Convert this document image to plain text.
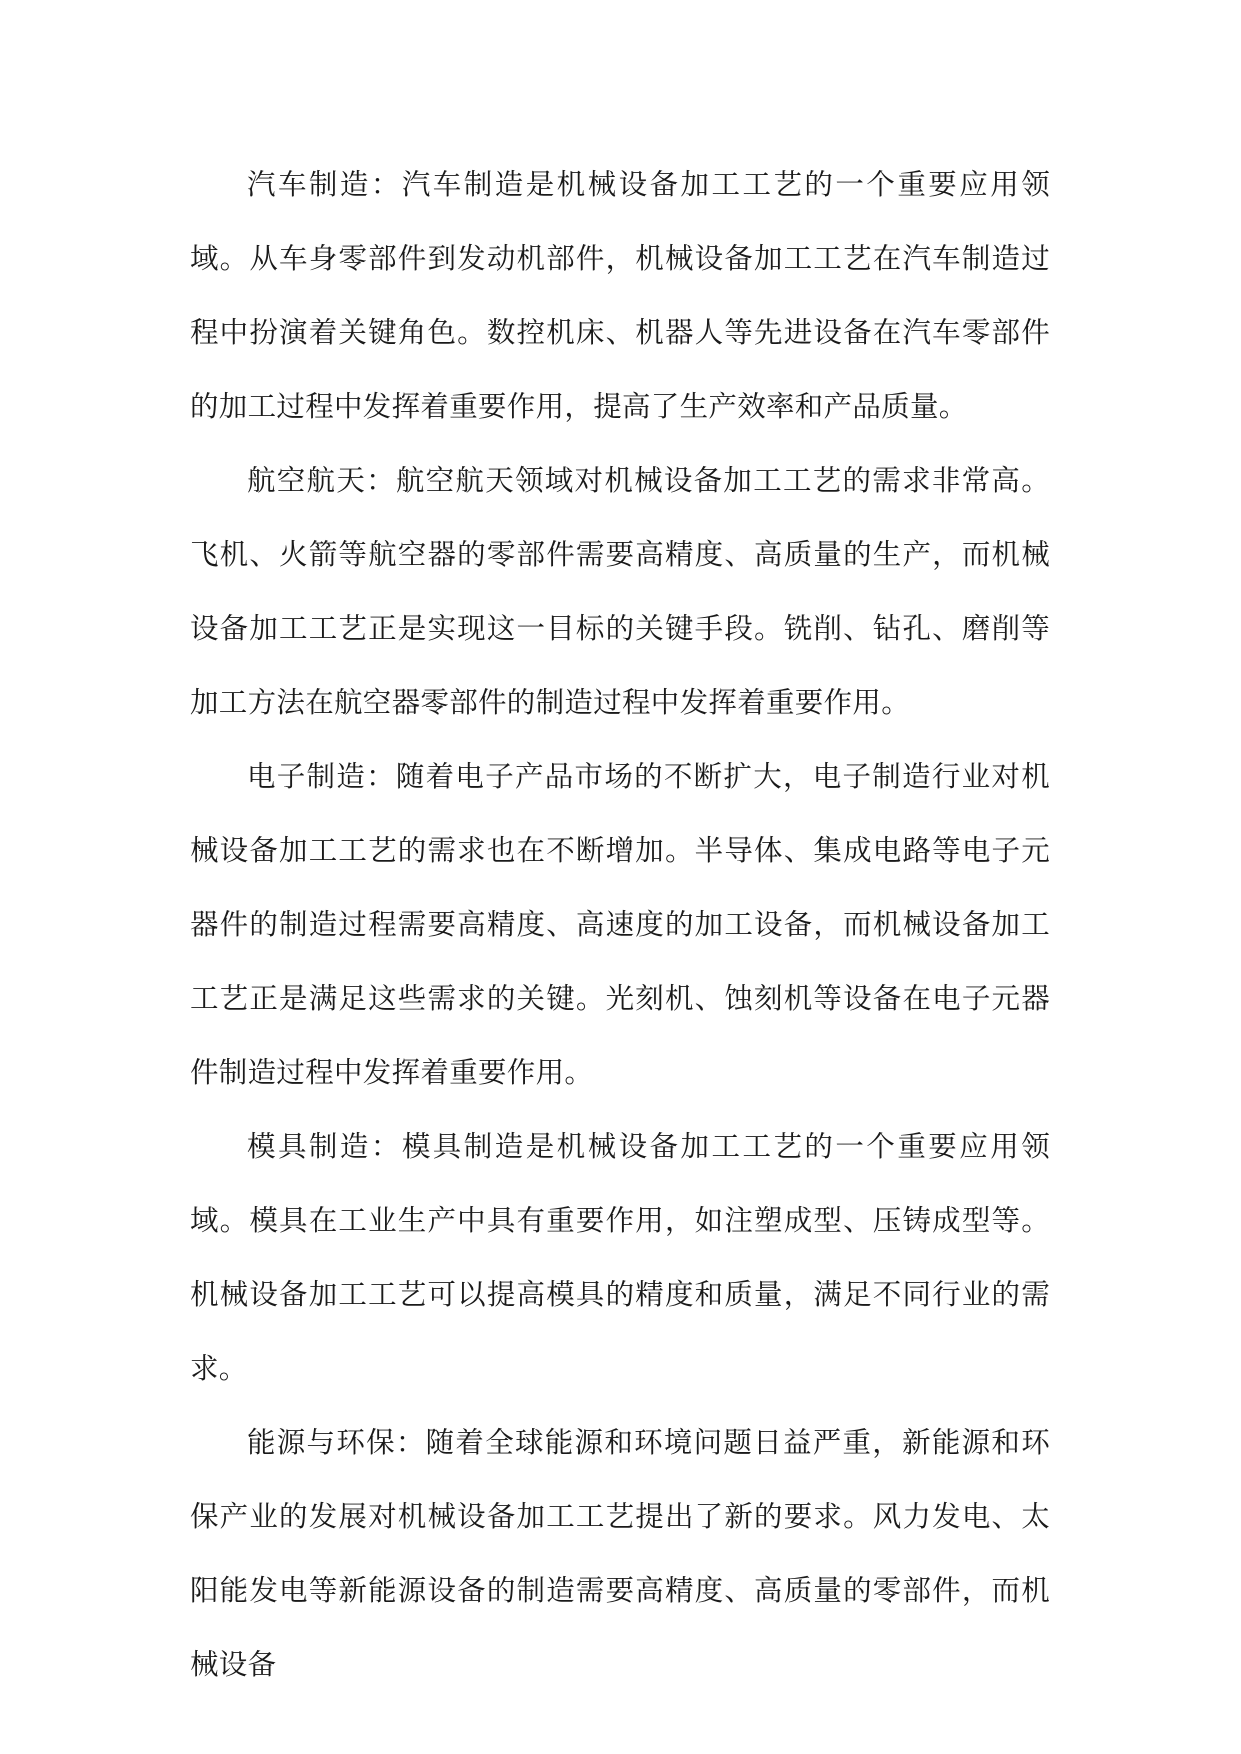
汽车制造：汽车制造是机械设备加工工艺的一个重要应用领域。从车身零部件到发动机部件，机械设备加工工艺在汽车制造过程中扮演着关键角色。数控机床、机器人等先进设备在汽车零部件的加工过程中发挥着重要作用，提高了生产效率和产品质量。

航空航天：航空航天领域对机械设备加工工艺的需求非常高。飞机、火箭等航空器的零部件需要高精度、高质量的生产，而机械设备加工工艺正是实现这一目标的关键手段。铣削、钻孔、磨削等加工方法在航空器零部件的制造过程中发挥着重要作用。

电子制造：随着电子产品市场的不断扩大，电子制造行业对机械设备加工工艺的需求也在不断增加。半导体、集成电路等电子元器件的制造过程需要高精度、高速度的加工设备，而机械设备加工工艺正是满足这些需求的关键。光刻机、蚀刻机等设备在电子元器件制造过程中发挥着重要作用。

模具制造：模具制造是机械设备加工工艺的一个重要应用领域。模具在工业生产中具有重要作用，如注塑成型、压铸成型等。机械设备加工工艺可以提高模具的精度和质量，满足不同行业的需求。

能源与环保：随着全球能源和环境问题日益严重，新能源和环保产业的发展对机械设备加工工艺提出了新的要求。风力发电、太阳能发电等新能源设备的制造需要高精度、高质量的零部件，而机械设备
